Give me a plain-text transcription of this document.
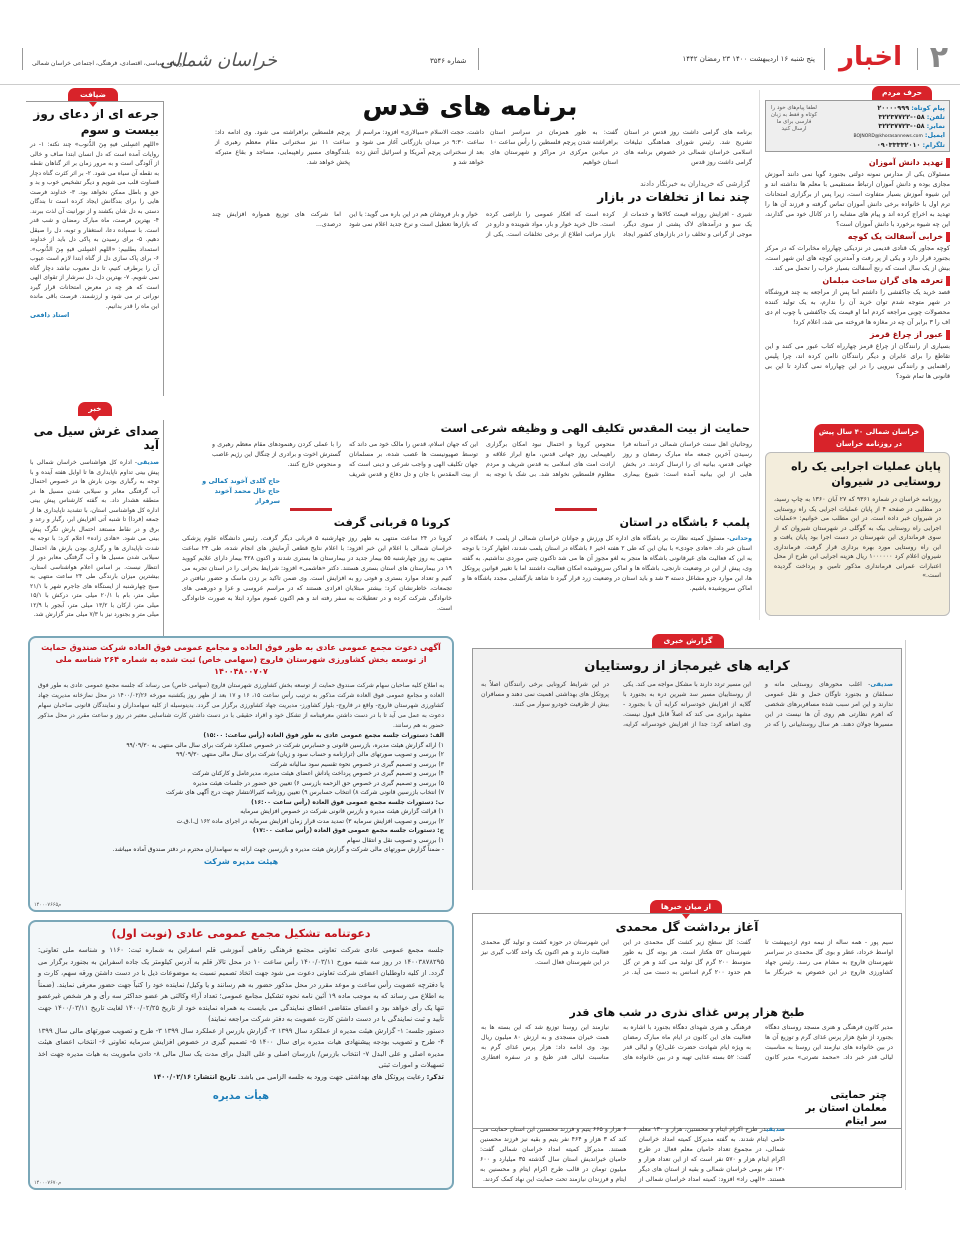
۲
اخبار
پنج شنبه ۱۶ اردیبهشت ۱۴۰۰ ۲۳ رمضان ۱۴۴۲
شماره ۳۵۴۶
خراسان شمالی
روزنامه سیاسی، اقتصادی، فرهنگی، اجتماعی خراسان شمالی
حرف مردم
لطفا پیام‌های خود را کوتاه و فقط به زبان فارسی برای ما ارسال کنید
پیام کوتاه: ۲۰۰۰۰۹۹۹
تلفن: ۰۵۸-۳۲۲۳۷۷۲۲
نمابر: ۰۵۸-۳۲۲۳۷۷۲۳
ایمیل: BOJNORD@khorasannews.com
تلگرام: ۰۹۰۳۳۳۳۲۰۱۰
تهدید دانش آموزان

مسئولان یکی از مدارس نمونه دولتی بجنورد گویا نمی دانند آموزش مجازی بوده و دانش آموزان ارتباط مستقیمی با معلم ها نداشته اند و این شیوه آموزش بسیار متفاوت است، زیرا پس از برگزاری امتحانات ترم اول با خانواده برخی دانش آموزان تماس گرفته و فرزند آن ها را تهدید به اخراج کرده اند و پیام های مشابه را در کانال خود می گذارند، این چه شیوه برخورد با دانش آموزان است؟

خرابی آسفالت یک کوچه

کوچه مجاور یک قنادی قدیمی در نزدیکی چهارراه مخابرات که در مرکز بجنورد قرار دارد و یکی از پر رفت و آمدترین کوچه های این شهر است، بیش از یک سال است که رنج آسفالت بسیار خراب را تحمل می کند.

تعرفه های گران ساخت مبلمان

قصد خرید یک جاکفشی را داشتم اما پس از مراجعه به چند فروشگاه در شهر متوجه شدم توان خرید آن را ندارم، به یک تولید کننده محصولات چوبی مراجعه کردم اما او قیمت یک جاکفشی با چوب ام دی اف را ۳ برابر آن چه در مغازه ها فروخته می شد، اعلام کرد!

عبور از چراغ قرمز

بسیاری از رانندگان از چراغ قرمز چهارراه کتاب عبور می کنند و این تقاطع را برای عابران و دیگر رانندگان ناامن کرده اند، چرا پلیس راهنمایی و رانندگی نیرویی را در این چهارراه نمی گذارد تا این بی قانونی ها تمام شود؟

خراسان شمالی ۴۰ سال پیش
در روزنامه خراسان
پایان عملیات اجرایی یک راه روستایی در شیروان
روزنامه خراسان در شماره ۹۳۶۱ که ۲۷ آبان ۱۳۶۰ به چاپ رسید، در مطلبی در صفحه ۴ از پایان عملیات اجرایی یک راه روستایی در شیروان خبر داده است. در این مطلب می خوانیم: «عملیات اجرایی راه روستایی بیک به گوگلی در شهرستان شیروان که از سوی فرمانداری این شهرستان در دست اجرا بود پایان یافت و این راه روستایی مورد بهره برداری قرار گرفت. فرمانداری شیروان اعلام کرد ۱۰۰۰۰۰۰ ریال هزینه اجرایی این طرح از محل اعتبارات عمرانی فرمانداری مذکور تامین و پرداخت گردیده است.»
برنامه های قدس
برنامه های گرامی داشت روز قدس در استان تشریح شد. رئیس شورای هماهنگی تبلیغات اسلامی خراسان شمالی در خصوص برنامه های گرامی داشت روز قدس
گفت: به طور همزمان در سراسر استان برافراشته شدن پرچم فلسطین را رأس ساعت ۱۰ در میادین مرکزی در مراکز و شهرستان های استان خواهیم
داشت. حجت الاسلام «سیالاری» افزود: مراسم از ساعت ۹:۳۰ در میدان بازرگانی آغاز می شود و بعد از سخنرانی پرچم آمریکا و اسرائیل آتش زده خواهد شد و
پرچم فلسطین برافراشته می شود. وی ادامه داد: ساعت ۱۱ نیز سخنرانی مقام معظم رهبری از بلندگوهای مسیر راهپیمایی، مساجد و بقاع متبرکه پخش خواهد شد.
گزارشی که خریداران به خبرنگار دادند
چند نما از تخلفات در بازار
شیری - افزایش روزانه قیمت کالاها و خدمات از یک سو و درآمدهای لاک پشتی از سوی دیگر، موجی از گرانی و تخلف را در بازارهای کشور ایجاد کرده است که افکار عمومی را ناراضی کرده است. حال خرید خوار و بار، مواد شوینده و دارو در بازار مراتب اطلاع از برخی تخلفات است. یکی از خوار و بار فروشان هم در این باره می گوید: با این که بازارها تعطیل است و نرخ جدید اعلام نمی شود اما شرکت های توزیع همواره افزایش چند درصدی...
حمایت از بیت المقدس تکلیف الهی و وظیفه شرعی است
روحانیان اهل سنت خراسان شمالی در آستانه فرا رسیدن آخرین جمعه ماه مبارک رمضان و روز جهانی قدس، بیانیه ای را ارسال کردند. در بخش هایی از این بیانیه آمده است: شیوع بیماری منحوس کرونا و احتمال نبود امکان برگزاری راهپیمایی روز جهانی قدس، مانع ابراز علاقه و ارادت امت های اسلامی به قدس شریف و مردم مظلوم فلسطین نخواهد شد. بی شک با توجه به این که جهان اسلام، قدس را مالک خود می داند که توسط صهیونیست ها غصب شده، بر مسلمانان جهان تکلیف الهی و واجب شرعی و دینی است که از بیت المقدس با جان و دل دفاع و قدس شریف را با عملی کردن رهنمودهای مقام معظم رهبری و گسترش اخوت و برادری از چنگال این رژیم غاصب و منحوس خارج کنند.
حاج گلدی آخوند کمالی و حاج خال محمد آخوند سرفراز
پلمب ۶ باشگاه در استان
وحدانی- مسئول کمیته نظارت بر باشگاه های اداره کل ورزش و جوانان خراسان شمالی از پلمب ۶ باشگاه در استان خبر داد. «هادی جودی» با بیان این که طی ۲ هفته اخیر ۶ باشگاه در استان پلمب شدند، اظهار کرد: با توجه به این که فعالیت های غیرقانونی باشگاه ها منجر به لغو مجوز آن ها می شد تاکنون چنین موردی نداشتیم. به گفته وی، پیش از این در وضعیت نارنجی، باشگاه ها و اماکن سرپوشیده امکان فعالیت داشتند اما با تغییر قوانین پروتکل ها، این موارد جزو مشاغل دسته ۳ شد و باید استان در وضعیت زرد قرار گیرد تا شاهد بازگشایی مجدد باشگاه ها و اماکن سرپوشیده باشیم.
کرونا ۵ قربانی گرفت
کرونا در ۲۴ ساعت منتهی به ظهر روز چهارشنبه ۵ قربانی دیگر گرفت. رئیس دانشگاه علوم پزشکی خراسان شمالی با اعلام این خبر افزود: با اعلام نتایج قطعی آزمایش های انجام شده، طی ۲۴ ساعت منتهی به روز چهارشنبه ۵۵ بیمار جدید در بیمارستان ها بستری شدند و اکنون ۴۲۸ بیمار دارای علایم کووید ۱۹ در بیمارستان های استان بستری هستند. دکتر «هاشمی» افزود: شرایط بحرانی را در استان تجربه می کنیم و تعداد موارد بستری و فوتی رو به افزایش است. وی ضمن تاکید بر زدن ماسک و حضور نیافتن در تجمعات، خاطرنشان کرد: بیشتر مبتلایان افرادی هستند که در مراسم عروسی و عزا و دورهمی های خانوادگی شرکت کرده و در تعطیلات به سفر رفته اند و هم اکنون عموم موارد ابتلا به صورت خانوادگی است.
ضیافت
جرعه ای از دعای روز بیست و سوم
«اللهم اغسِلنی فیهِ مِنَ الذُّنوب» چند نکته: ۱- در روایات آمده است که دل انسان ابتدا صاف و خالی از آلودگی است و به مرور زمان بر اثر گناهان نقطه به نقطه آن سیاه می شود. ۲- بر اثر کثرت گناه دچار قساوت قلب می شویم و دیگر تشخیص خوب و بد و حق و باطل ممکن نخواهد بود. ۳- خداوند فرصت هایی را برای بندگانش ایجاد کرده است تا بندگان دستی به دل شان بکشند و از نورانیت آن لذت ببرند. ۴- بهترین فرصت، ماه مبارک رمضان و شب قدر است. با سمپاده دعا، استغفار و توبه، دل را صیقل دهیم. ۵- برای رسیدن به پاکی دل باید از خداوند استمداد بطلبیم: «اللهم اغسِلنی فیهِ مِنَ الذُّنوب». ۶- برای پاک سازی دل از گناه ابتدا لازم است عیوب آن را برطرف کنیم، تا دل معیوب نباشد دچار گناه نمی شویم. ۷- بهترین دل، دل سرشار از تقوای الهی است که هر چه در معرض امتحانات قرار گیرد نورانی تر می شود و ارزشمند. فرصت باقی مانده این ماه را قدر بدانیم.
استاد دافعی
خبر
صدای غرش سیل می آید
صدیقی- اداره کل هواشناسی خراسان شمالی با پیش بینی تداوم ناپایداری ها تا اوایل هفته آینده و با توجه به رگباری بودن بارش ها در خصوص احتمال آب گرفتگی معابر و سیلابی شدن مسیل ها در منطقه هشدار داد. به گفته کارشناس پیش بینی اداره کل هواشناسی استان، با تشدید ناپایداری ها از جمعه (فردا) تا شنبه آتی افزایش ابر، رگبار و رعد و برق و در نقاط مستعد احتمال بارش تگرگ پیش بینی می شود. «هادی زاده» اعلام کرد: با توجه به شدت ناپایداری ها و رگباری بودن بارش ها، احتمال سیلابی شدن مسیل ها و آب گرفتگی معابر دور از انتظار نیست. بر اساس اعلام هواشناسی استان، بیشترین میزان بارندگی طی ۲۴ ساعت منتهی به صبح چهارشنبه از ایستگاه های جاجرم شهر با ۲۱/۱ میلی متر، بام با ۲۰/۱ میلی متر، درکش با ۱۵/۱ میلی متر، ارکان با ۱۳/۲ میلی متر، آبجور با ۱۲/۹ میلی متر و بجنورد نیز با ۷/۳ میلی متر گزارش شد.
آگهی دعوت مجمع عمومی عادی به طور فوق العاده و مجامع عمومی فوق العاده شرکت صندوق حمایت از توسعه بخش کشاورزی شهرستان فاروج (سهامی خاص) ثبت شده به شماره ۲۶۴ شناسه ملی ۱۴۰۰۴۸۰۰۷۰۷
به اطلاع کلیه صاحبان سهام شرکت صندوق حمایت از توسعه بخش کشاورزی شهرستان فاروج (سهامی خاص) می رساند که جلسه مجمع عمومی عادی به طور فوق العاده و مجامع عمومی فوق العاده شرکت مذکور به ترتیب رأس ساعت ۱۵، ۱۶ و ۱۷ بعد از ظهر روز یکشنبه مورخه ۱۴۰۰/۰۲/۲۶ در محل نمازخانه مدیریت جهاد کشاورزی شهرستان فاروج- واقع در فاروج- بلوار کشاورز- مدیریت جهاد کشاورزی برگزار می گردد. بدینوسیله از کلیه سهامداران و نمایندگان قانونی صاحبان سهام دعوت به عمل می آید تا با در دست داشتن معرفینامه از تشکل خود و افراد حقیقی با در دست داشتن کارت شناسایی معتبر در روز و ساعت مقرر در محل مذکور حضور به هم رسانند.
الف: دستورات جلسه مجمع عمومی عادی به طور فوق العاده (رأس ساعت: ۱۵:۰۰)
۱) ارائه گزارش هیئت مدیره، بازرسین قانونی و حسابرس شرکت در خصوص عملکرد شرکت برای سال مالی منتهی به ۹۹/۰۹/۳۰
۲) بررسی و تصویب صورتهای مالی (ترازنامه و حساب سود و زیان) شرکت برای سال مالی منتهی ۹۹/۰۹/۳۰
۳) بررسی و تصمیم گیری در خصوص نحوه تقسیم سود سالیانه شرکت
۴) بررسی و تصمیم گیری در خصوص پرداخت پاداش اعضای هیئت مدیره، مدیرعامل و کارکنان شرکت
۵) بررسی و تصمیم گیری در خصوص حق الزحمه بازرسی ۶) تعیین حق حضور در جلسات هیئت مدیره
۷) انتخاب بازرسین قانونی شرکت ۸) انتخاب حسابرس ۹) تعیین روزنامه کثیرالانتشار جهت درج آگهی های شرکت
ب: دستورات جلسه مجمع عمومی فوق العاده (رأس ساعت ۱۶:۰۰)
۱) قرائت گزارش هیئت مدیره و بازرس قانونی شرکت در خصوص افزایش سرمایه
۲) بررسی و تصویب افزایش سرمایه ۳) تمدید مدت قرار زمان افزایش سرمایه در اجرای ماده ۱۶۲ ل.ا.ق.ت
ج: دستورات جلسه مجمع عمومی فوق العاده (رأس ساعت ۱۷:۰۰)
۱) بررسی و تصویب نقل و انتقال سهام
- ضمناً گزارش صورتهای مالی شرکت و گزارش هیئت مدیره و بازرسین جهت ارائه به سهامداران محترم در دفتر صندوق آماده میباشد.
هیئت مدیره شرکت
م۱۴۰۰۰۷۶۶۵
دعوتنامه تشکیل مجمع عمومی عادی (نوبت اول)
جلسه مجمع عمومی عادی شرکت تعاونی مجتمع فرهنگی رفاهی آموزشی قلم اسفراین به شماره ثبت: ۱۱۶۰ و شناسه ملی تعاونی: ۱۴۰۰۳۸۷۸۲۹۵ در روز سه شنبه مورخ ۱۴۰۰/۰۳/۱۱ رأس ساعت ۱۰ در محل تالار قلم به آدرس کیلومتر یک جاده اسفراین به بجنورد برگزار می گردد. از کلیه داوطلبان اعضای شرکت تعاونی دعوت می شود جهت اتخاذ تصمیم نسبت به موضوعات ذیل با در دست داشتن ورقه سهم، کارت و یا دفترچه عضویت رأس ساعت و موعد مقرر در محل مذکور حضور به هم رسانند و یا وکیل/ نماینده خود را کتباً جهت حضور معرفی نمایند. (ضمناً به اطلاع می رساند که به موجب ماده ۱۹ آئین نامه نحوه تشکیل مجامع عمومی؛ تعداد آراء وکالتی هر عضو حداکثر سه رأی و هر شخص غیرعضو تنها یک رأی خواهد بود و اعضای متقاضی اعطای نمایندگی می بایست به همراه نماینده خود از تاریخ ۱۴۰۰/۰۲/۲۵ لغایت تاریخ ۱۴۰۰/۰۳/۱۱ جهت تأیید و ثبت نمایندگی با در دست داشتن کارت عضویت به دفتر شرکت مراجعه نمایند)
دستور جلسه: ۱- گزارش هیئت مدیره از عملکرد سال ۱۳۹۹ ۲- گزارش بازرس از عملکرد سال ۱۳۹۹ ۳- طرح و تصویب صورتهای مالی سال ۱۳۹۹ ۴- طرح و تصویب بودجه پیشنهادی هیات مدیره برای سال ۱۴۰۰ ۵- تصمیم گیری در خصوص افزایش سرمایه تعاونی ۶- انتخاب اعضای هیئت مدیره اصلی و علی البدل ۷- انتخاب بازرس/ بازرسان اصلی و علی البدل برای مدت یک سال مالی ۸- دادن ماموریت به هیات مدیره جهت اخذ تسهیلات و امورات ثبتی
تذکر: رعایت پروتکل های بهداشتی جهت ورود به جلسه الزامی می باشد. تاریخ انتشار: ۱۴۰۰/۰۲/۱۶
هیأت مدیره
م۱۴۰۰۰۷۶۷۰
گزارش خبری
کرایه های غیرمجاز از روستاییان
صدیقی- اغلب محورهای روستایی مانه و سملقان و بجنورد ناوگان حمل و نقل عمومی ندارند و این امر سبب شده مسافربرهای شخصی که اهرم نظارتی هم روی آن ها نیست در این مسیرها جولان دهند. هر سال روستاییانی را که در این مسیر تردد دارند با مشکل مواجه می کند. یکی از روستاییان مسیر سد شیرین دره به بجنورد با گلایه از افزایش خودسرانه کرایه آن با بجنورد - مشهد برابری می کند که اصلاً قابل قبول نیست. وی اضافه کرد: جدا از افزایش خودسرانه کرایه، در این شرایط کرونایی برخی رانندگان اصلاً به پروتکل های بهداشتی اهمیت نمی دهند و مسافران بیش از ظرفیت خودرو سوار می کنند.
از میان خبرها
آغاز برداشت گل محمدی
سیم پور - همه ساله از نیمه دوم اردیبهشت تا اواسط خرداد، عطر و بوی گل محمدی در سراسر شهرستان فاروج به مشام می رسد. رئیس جهاد کشاورزی فاروج در این خصوص به خبرنگار ما گفت: کل سطح زیر کشت گل محمدی در این شهرستان ۵۲ هکتار است. هر بوته گل به طور متوسط ۲۰۰ گرم گل تولید می کند و هر تن گل هم حدود ۲۰۰ گرم اسانس به دست می آید. در این شهرستان در حوزه کشت و تولید گل محمدی فعالیت دارند و هم اکنون یک واحد گلاب گیری نیز در این شهرستان فعال است.
طبخ هزار پرس غذای نذری در شب های قدر
مدیر کانون فرهنگی و هنری مسجد روستای دهگاه بجنورد از طبخ هزار پرس غذای گرم و توزیع آن ها در بین خانواده های نیازمند این روستا به مناسبت لیالی قدر خبر داد. «محمد نصرتی» مدیر کانون فرهنگی و هنری شهدای دهگاه بجنورد با اشاره به فعالیت های این کانون در ایام ماه مبارک رمضان به ویژه ایام شهادت حضرت علی(ع) و لیالی قدر گفت: ۵۲ بسته غذایی تهیه و در بین خانواده های نیازمند این روستا توزیع شد که این بسته ها به همت خیران مسجدی و به ارزش ۸۰ میلیون ریال بود. وی ادامه داد: هزار پرس غذای گرم به مناسبت لیالی قدر طبخ و در سفره افطاری
چتر حمایتی معلمان استان بر سر ایتام
صدیقیدر طرح اکرام ایتام و محسنین، هزار و ۱۳۰ معلم حامی ایتام شدند. به گفته مدیرکل کمیته امداد خراسان شمالی، در مجموع تعداد حامیان معلم فعال در طرح اکرام ایتام هزار و ۵۷۰ نفر است که از این تعداد هزار و ۱۳۰ نفر بومی خراسان شمالی و بقیه از استان های دیگر هستند. «الهی راد» افزود: کمیته امداد خراسان شمالی از ۶ هزار و ۶۶۵ یتیم و فرزند محسنین این استان حمایت می کند که ۳ هزار و ۴۶۴ نفر یتیم و بقیه نیز فرزند محسنین هستند. مدیرکل کمیته امداد خراسان شمالی گفت: حامیان خیراندیش استان سال گذشته ۳۵ میلیارد و ۶۰۰ میلیون تومان در قالب طرح اکرام ایتام و محسنین به ایتام و فرزندان نیازمند تحت حمایت این نهاد کمک کردند.
